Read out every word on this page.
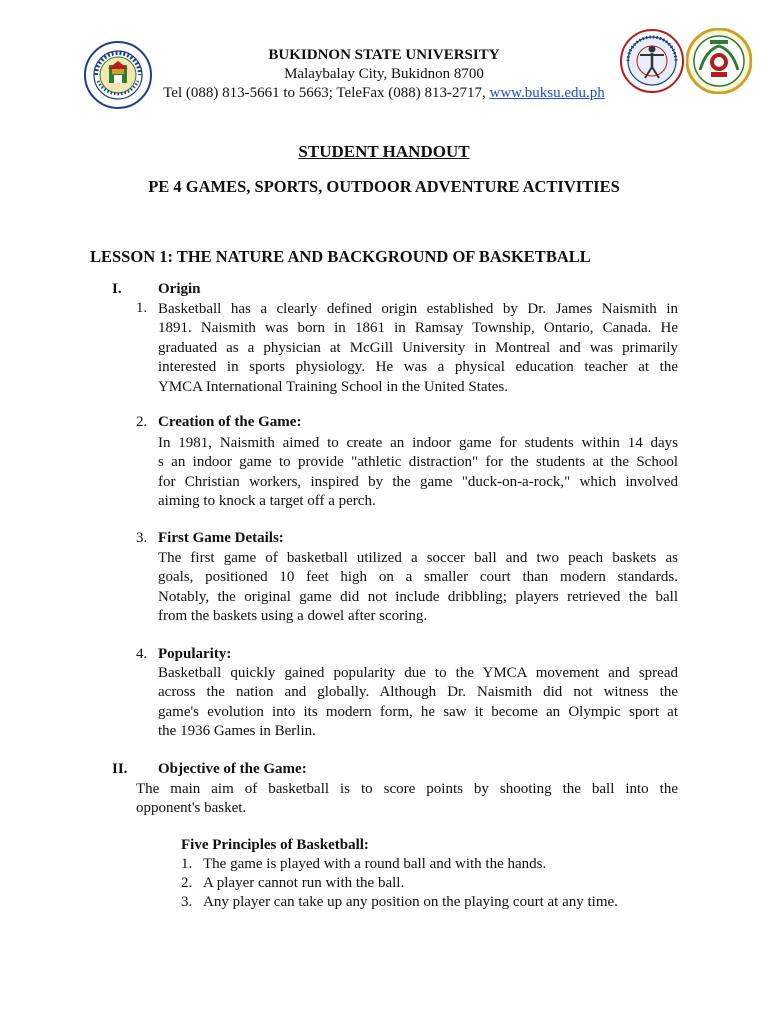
BUKIDNON STATE UNIVERSITY
Malaybalay City, Bukidnon 8700
Tel (088) 813-5661 to 5663; TeleFax (088) 813-2717, www.buksu.edu.ph
STUDENT HANDOUT
PE 4 GAMES, SPORTS, OUTDOOR ADVENTURE ACTIVITIES
LESSON 1: THE NATURE AND BACKGROUND OF BASKETBALL
I. Origin
1. Basketball has a clearly defined origin established by Dr. James Naismith in
1891. Naismith was born in 1861 in Ramsay Township, Ontario, Canada. He
graduated as a physician at McGill University in Montreal and was primarily
interested in sports physiology. He was a physical education teacher at the
YMCA International Training School in the United States.
2. Creation of the Game:
In 1981, Naismith aimed to create an indoor game for students within 14 days
s an indoor game to provide "athletic distraction" for the students at the School
for Christian workers, inspired by the game "duck-on-a-rock," which involved
aiming to knock a target off a perch.
3. First Game Details:
The first game of basketball utilized a soccer ball and two peach baskets as
goals, positioned 10 feet high on a smaller court than modern standards.
Notably, the original game did not include dribbling; players retrieved the ball
from the baskets using a dowel after scoring.
4. Popularity:
Basketball quickly gained popularity due to the YMCA movement and spread
across the nation and globally. Although Dr. Naismith did not witness the
game's evolution into its modern form, he saw it become an Olympic sport at
the 1936 Games in Berlin.
II. Objective of the Game:
The main aim of basketball is to score points by shooting the ball into the
opponent's basket.
Five Principles of Basketball:
1. The game is played with a round ball and with the hands.
2. A player cannot run with the ball.
3. Any player can take up any position on the playing court at any time.
